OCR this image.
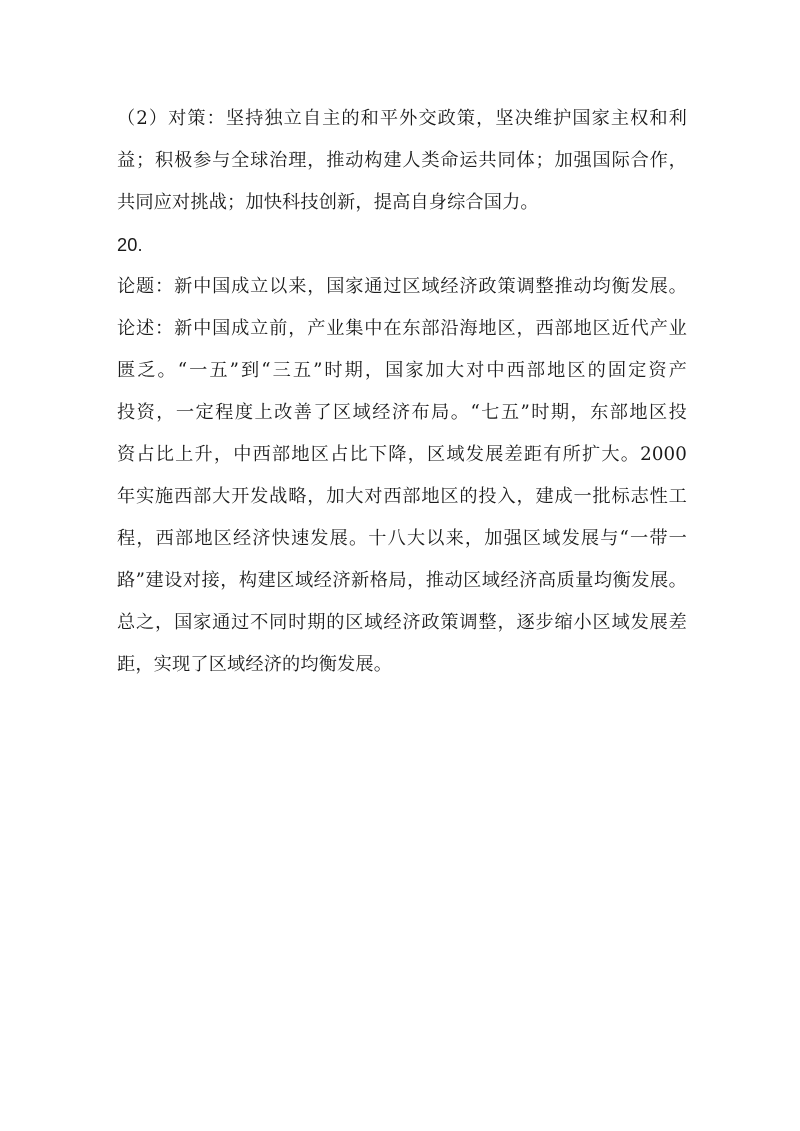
（2）对策：坚持独立自主的和平外交政策，坚决维护国家主权和利
益；积极参与全球治理，推动构建人类命运共同体；加强国际合作，
共同应对挑战；加快科技创新，提高自身综合国力。
20.
论题：新中国成立以来，国家通过区域经济政策调整推动均衡发展。
论述：新中国成立前，产业集中在东部沿海地区，西部地区近代产业
匮乏。“一五”到“三五”时期，国家加大对中西部地区的固定资产
投资，一定程度上改善了区域经济布局。“七五”时期，东部地区投
资占比上升，中西部地区占比下降，区域发展差距有所扩大。2000
年实施西部大开发战略，加大对西部地区的投入，建成一批标志性工
程，西部地区经济快速发展。十八大以来，加强区域发展与“一带一
路”建设对接，构建区域经济新格局，推动区域经济高质量均衡发展。
总之，国家通过不同时期的区域经济政策调整，逐步缩小区域发展差
距，实现了区域经济的均衡发展。
